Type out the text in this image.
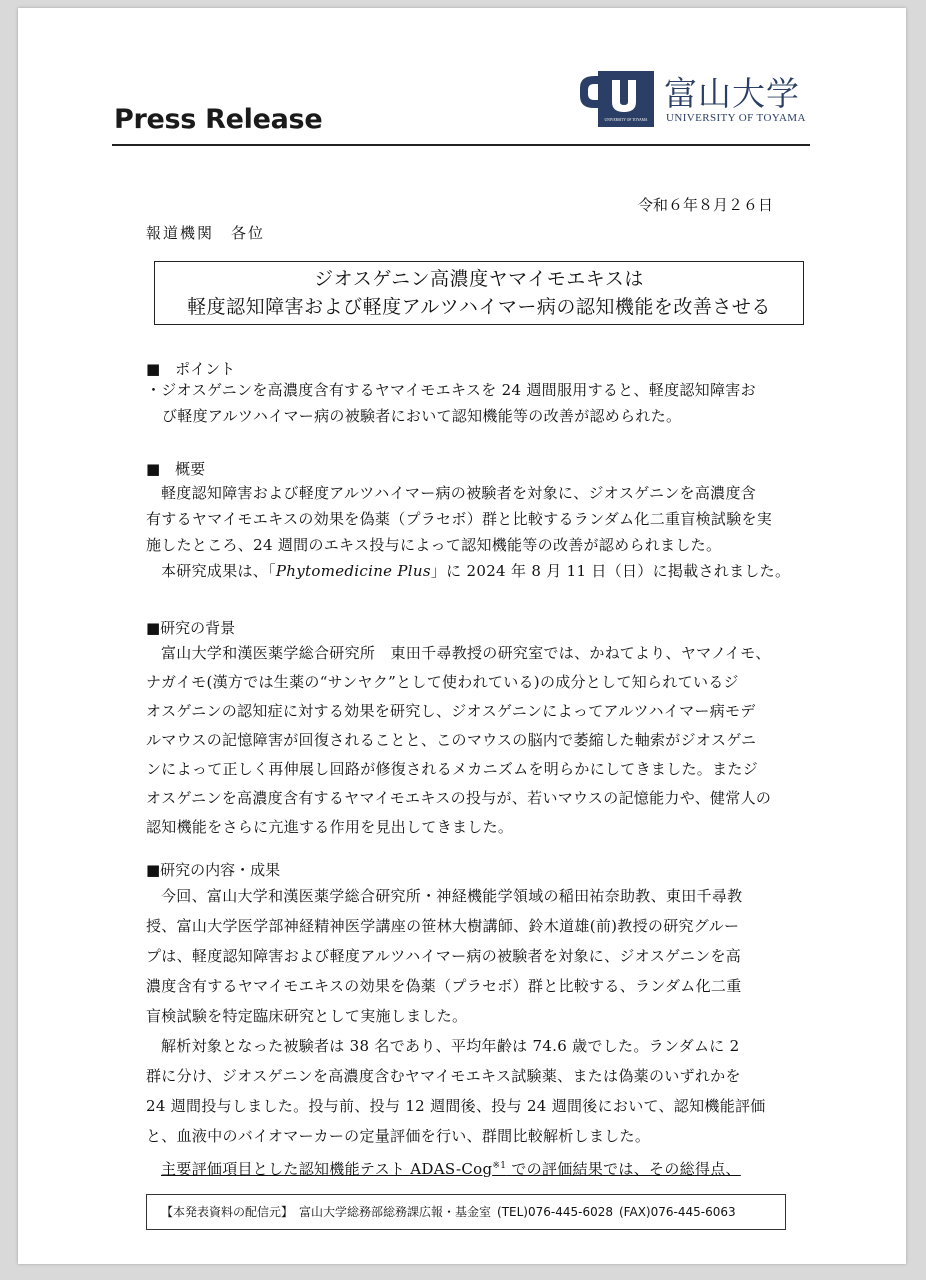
Press Release	UNIVERSITY OF TOYAMA
富山大学
UNIVERSITY OF TOYAMA
令和６年８月２６日
報道機関　各位
ジオスゲニン高濃度ヤマイモエキスは
軽度認知障害および軽度アルツハイマー病の認知機能を改善させる
■　ポイント
・ジオスゲニンを高濃度含有するヤマイモエキスを 24 週間服用すると、軽度認知障害お
び軽度アルツハイマー病の被験者において認知機能等の改善が認められた。
■　概要
軽度認知障害および軽度アルツハイマー病の被験者を対象に、ジオスゲニンを高濃度含
有するヤマイモエキスの効果を偽薬（プラセボ）群と比較するランダム化二重盲検試験を実
施したところ、24 週間のエキス投与によって認知機能等の改善が認められました。
本研究成果は、「Phytomedicine Plus」に 2024 年 8 月 11 日（日）に掲載されました。
■研究の背景
富山大学和漢医薬学総合研究所　東田千尋教授の研究室では、かねてより、ヤマノイモ、
ナガイモ(漢方では生薬の“サンヤク”として使われている)の成分として知られているジ
オスゲニンの認知症に対する効果を研究し、ジオスゲニンによってアルツハイマー病モデ
ルマウスの記憶障害が回復されることと、このマウスの脳内で萎縮した軸索がジオスゲニ
ンによって正しく再伸展し回路が修復されるメカニズムを明らかにしてきました。またジ
オスゲニンを高濃度含有するヤマイモエキスの投与が、若いマウスの記憶能力や、健常人の
認知機能をさらに亢進する作用を見出してきました。
■研究の内容・成果
今回、富山大学和漢医薬学総合研究所・神経機能学領域の稲田祐奈助教、東田千尋教
授、富山大学医学部神経精神医学講座の笹林大樹講師、鈴木道雄(前)教授の研究グルー
プは、軽度認知障害および軽度アルツハイマー病の被験者を対象に、ジオスゲニンを高
濃度含有するヤマイモエキスの効果を偽薬（プラセボ）群と比較する、ランダム化二重
盲検試験を特定臨床研究として実施しました。
解析対象となった被験者は 38 名であり、平均年齢は 74.6 歳でした。ランダムに 2
群に分け、ジオスゲニンを高濃度含むヤマイモエキス試験薬、または偽薬のいずれかを
24 週間投与しました。投与前、投与 12 週間後、投与 24 週間後において、認知機能評価
と、血液中のバイオマーカーの定量評価を行い、群間比較解析しました。
主要評価項目とした認知機能テスト ADAS-Cog$^{※1}$ での評価結果では、その総得点、
【本発表資料の配信元】 富山大学総務部総務課広報・基金室 (TEL)076-445-6028 (FAX)076-445-6063
